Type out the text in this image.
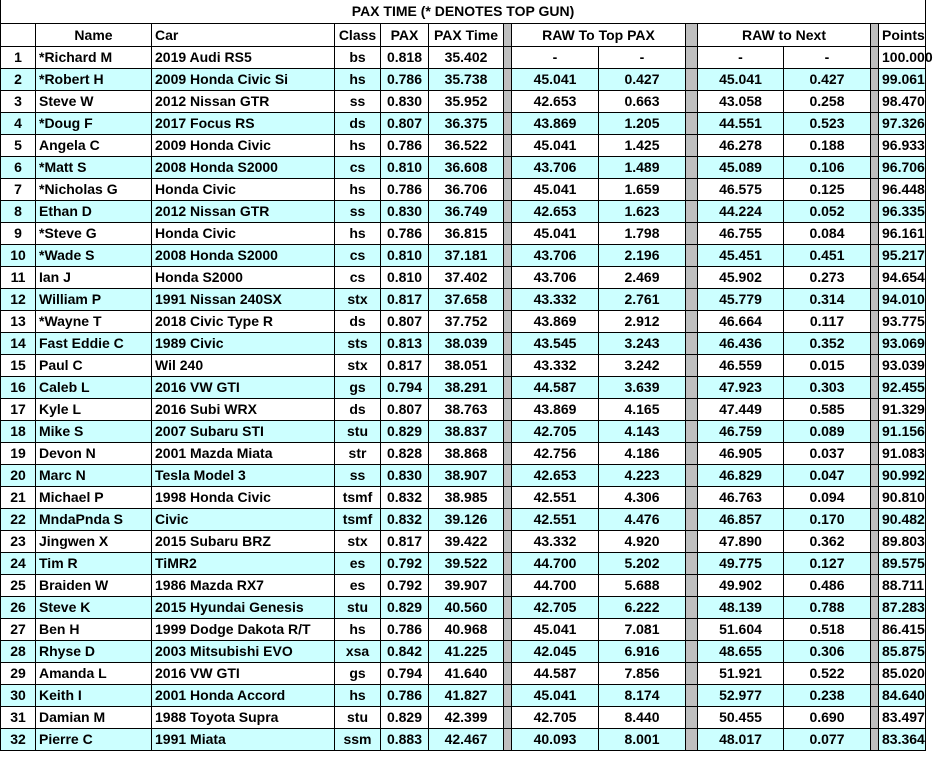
PAX TIME (* DENOTES TOP GUN)													
	Name	Car	Class	PAX	PAX Time		RAW To Top PAX			RAW to Next			Points
1	*Richard M	2019 Audi RS5	bs	0.818	35.402		-	-		-	-		100.000
2	*Robert H	2009 Honda Civic Si	hs	0.786	35.738		45.041	0.427		45.041	0.427		99.061
3	Steve W	2012 Nissan GTR	ss	0.830	35.952		42.653	0.663		43.058	0.258		98.470
4	*Doug F	2017 Focus RS	ds	0.807	36.375		43.869	1.205		44.551	0.523		97.326
5	Angela C	2009 Honda Civic	hs	0.786	36.522		45.041	1.425		46.278	0.188		96.933
6	*Matt S	2008 Honda S2000	cs	0.810	36.608		43.706	1.489		45.089	0.106		96.706
7	*Nicholas G	Honda Civic	hs	0.786	36.706		45.041	1.659		46.575	0.125		96.448
8	Ethan D	2012 Nissan GTR	ss	0.830	36.749		42.653	1.623		44.224	0.052		96.335
9	*Steve G	Honda Civic	hs	0.786	36.815		45.041	1.798		46.755	0.084		96.161
10	*Wade S	2008 Honda S2000	cs	0.810	37.181		43.706	2.196		45.451	0.451		95.217
11	Ian J	Honda S2000	cs	0.810	37.402		43.706	2.469		45.902	0.273		94.654
12	William P	1991 Nissan 240SX	stx	0.817	37.658		43.332	2.761		45.779	0.314		94.010
13	*Wayne T	2018 Civic Type R	ds	0.807	37.752		43.869	2.912		46.664	0.117		93.775
14	Fast Eddie C	1989 Civic	sts	0.813	38.039		43.545	3.243		46.436	0.352		93.069
15	Paul C	Wil 240	stx	0.817	38.051		43.332	3.242		46.559	0.015		93.039
16	Caleb L	2016 VW GTI	gs	0.794	38.291		44.587	3.639		47.923	0.303		92.455
17	Kyle L	2016 Subi WRX	ds	0.807	38.763		43.869	4.165		47.449	0.585		91.329
18	Mike S	2007 Subaru STI	stu	0.829	38.837		42.705	4.143		46.759	0.089		91.156
19	Devon N	2001 Mazda Miata	str	0.828	38.868		42.756	4.186		46.905	0.037		91.083
20	Marc N	Tesla Model 3	ss	0.830	38.907		42.653	4.223		46.829	0.047		90.992
21	Michael P	1998 Honda Civic	tsmf	0.832	38.985		42.551	4.306		46.763	0.094		90.810
22	MndaPnda S	Civic	tsmf	0.832	39.126		42.551	4.476		46.857	0.170		90.482
23	Jingwen X	2015 Subaru BRZ	stx	0.817	39.422		43.332	4.920		47.890	0.362		89.803
24	Tim R	TiMR2	es	0.792	39.522		44.700	5.202		49.775	0.127		89.575
25	Braiden W	1986 Mazda RX7	es	0.792	39.907		44.700	5.688		49.902	0.486		88.711
26	Steve K	2015 Hyundai Genesis	stu	0.829	40.560		42.705	6.222		48.139	0.788		87.283
27	Ben H	1999 Dodge Dakota R/T	hs	0.786	40.968		45.041	7.081		51.604	0.518		86.415
28	Rhyse D	2003 Mitsubishi EVO	xsa	0.842	41.225		42.045	6.916		48.655	0.306		85.875
29	Amanda L	2016 VW GTI	gs	0.794	41.640		44.587	7.856		51.921	0.522		85.020
30	Keith I	2001 Honda Accord	hs	0.786	41.827		45.041	8.174		52.977	0.238		84.640
31	Damian M	1988 Toyota Supra	stu	0.829	42.399		42.705	8.440		50.455	0.690		83.497
32	Pierre C	1991 Miata	ssm	0.883	42.467		40.093	8.001		48.017	0.077		83.364
